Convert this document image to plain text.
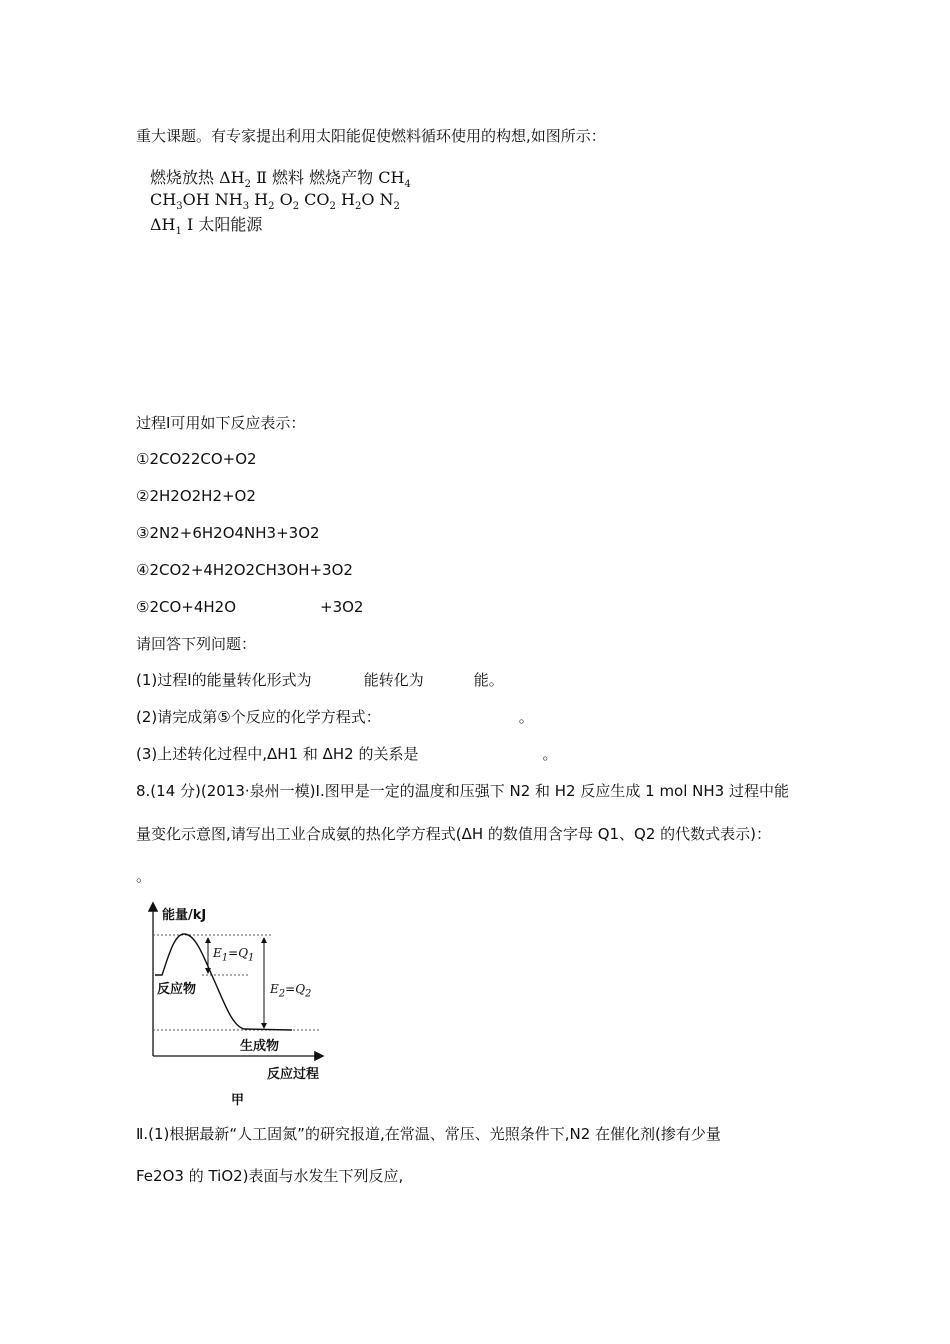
重大课题。有专家提出利用太阳能促使燃料循环使用的构想,如图所示：
燃烧放热 $\Delta H_2$ Ⅱ 燃料 燃烧产物 $CH_4$ $CH_3OH$ $NH_3$ $H_2$ $O_2$ $CO_2$ $H_2O$ $N_2$ $\Delta H_1$ Ⅰ 太阳能源
过程Ⅰ可用如下反应表示：
①2CO22CO+O2
②2H2O2H2+O2
③2N2+6H2O4NH3+3O2
④2CO2+4H2O2CH3OH+3O2
⑤2CO+4H2O	+3O2
请回答下列问题：
(1)过程Ⅰ的能量转化形式为	能转化为	能。
(2)请完成第⑤个反应的化学方程式：	。
(3)上述转化过程中,ΔH1 和 ΔH2 的关系是	。
8.(14 分)(2013·泉州一模)Ⅰ.图甲是一定的温度和压强下 N2 和 H2 反应生成 1 mol NH3 过程中能
量变化示意图,请写出工业合成氨的热化学方程式(ΔH 的数值用含字母 Q1、Q2 的代数式表示)：
。
能量/kJ
$E_1=Q_1$
$E_2=Q_2$
反应物
生成物
反应过程
甲
Ⅱ.(1)根据最新“人工固氮”的研究报道,在常温、常压、光照条件下,N2 在催化剂(掺有少量
Fe2O3 的 TiO2)表面与水发生下列反应,
